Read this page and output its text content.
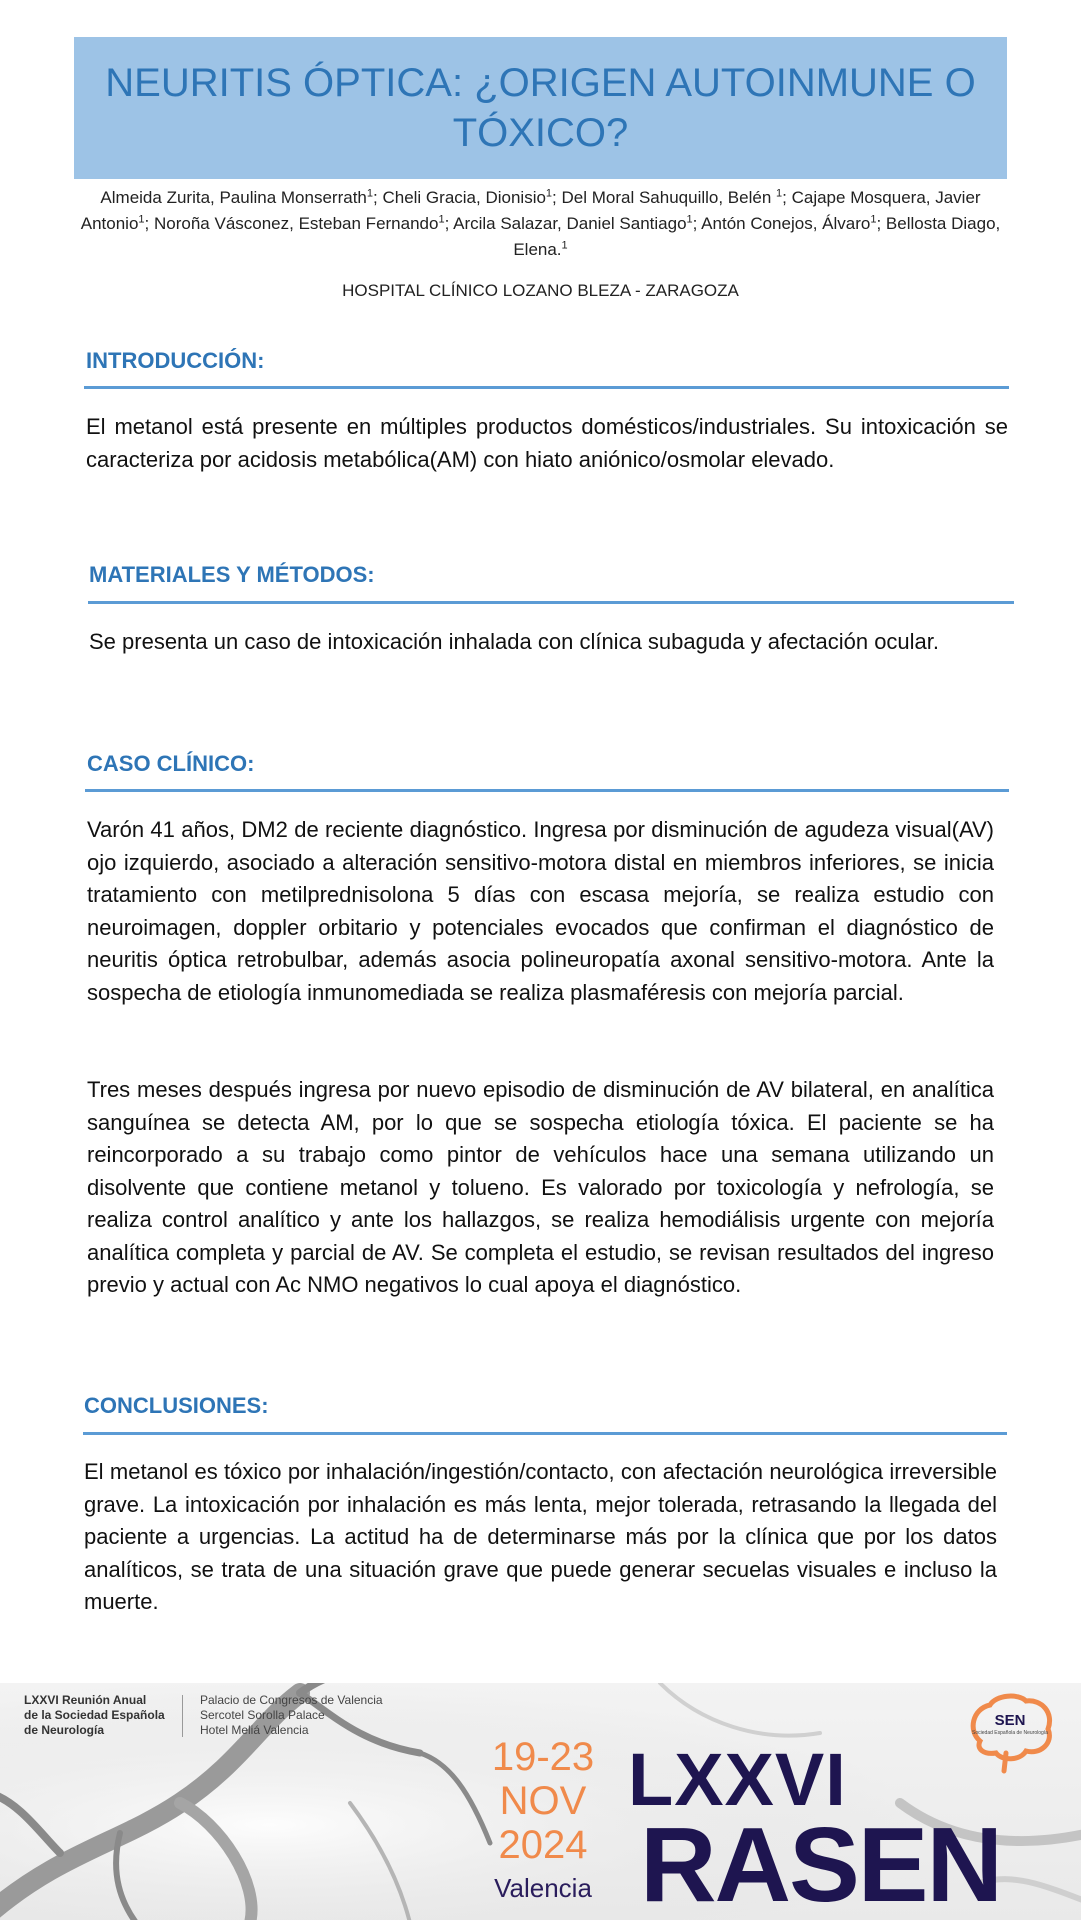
NEURITIS ÓPTICA: ¿ORIGEN AUTOINMUNE O TÓXICO?
Almeida Zurita, Paulina Monserrath$^1$; Cheli Gracia, Dionisio$^1$; Del Moral Sahuquillo, Belén $^1$; Cajape Mosquera, Javier Antonio$^1$; Noroña Vásconez, Esteban Fernando$^1$; Arcila Salazar, Daniel Santiago$^1$; Antón Conejos, Álvaro$^1$; Bellosta Diago, Elena.$^1$
HOSPITAL CLÍNICO LOZANO BLEZA - ZARAGOZA
INTRODUCCIÓN:

El metanol está presente en múltiples productos domésticos/industriales. Su intoxicación se caracteriza por acidosis metabólica(AM) con hiato aniónico/osmolar elevado.

MATERIALES Y MÉTODOS:

Se presenta un caso de intoxicación inhalada con clínica subaguda y afectación ocular.

CASO CLÍNICO:

Varón 41 años, DM2 de reciente diagnóstico. Ingresa por disminución de agudeza visual(AV) ojo izquierdo, asociado a alteración sensitivo-motora distal en miembros inferiores, se inicia tratamiento con metilprednisolona 5 días con escasa mejoría, se realiza estudio con neuroimagen, doppler orbitario y potenciales evocados que confirman el diagnóstico de neuritis óptica retrobulbar, además asocia polineuropatía axonal sensitivo-motora. Ante la sospecha de etiología inmunomediada se realiza plasmaféresis con mejoría parcial.

Tres meses después ingresa por nuevo episodio de disminución de AV bilateral, en analítica sanguínea se detecta AM, por lo que se sospecha etiología tóxica. El paciente se ha reincorporado a su trabajo como pintor de vehículos hace una semana utilizando un disolvente que contiene metanol y tolueno. Es valorado por toxicología y nefrología, se realiza control analítico y ante los hallazgos, se realiza hemodiálisis urgente con mejoría analítica completa y parcial de AV. Se completa el estudio, se revisan resultados del ingreso previo y actual con Ac NMO negativos lo cual apoya el diagnóstico.

CONCLUSIONES:

El metanol es tóxico por inhalación/ingestión/contacto, con afectación neurológica irreversible grave. La intoxicación por inhalación es más lenta, mejor tolerada, retrasando la llegada del paciente a urgencias. La actitud ha de determinarse más por la clínica que por los datos analíticos, se trata de una situación grave que puede generar secuelas visuales e incluso la muerte.

LXXVI Reunión Anual
de la Sociedad Española
de Neurología
Palacio de Congresos de Valencia
Sercotel Sorolla Palace
Hotel Meliá Valencia
19-23
NOV
2024
Valencia
LXXVI
RASEN
SEN
Sociedad Española de Neurología
